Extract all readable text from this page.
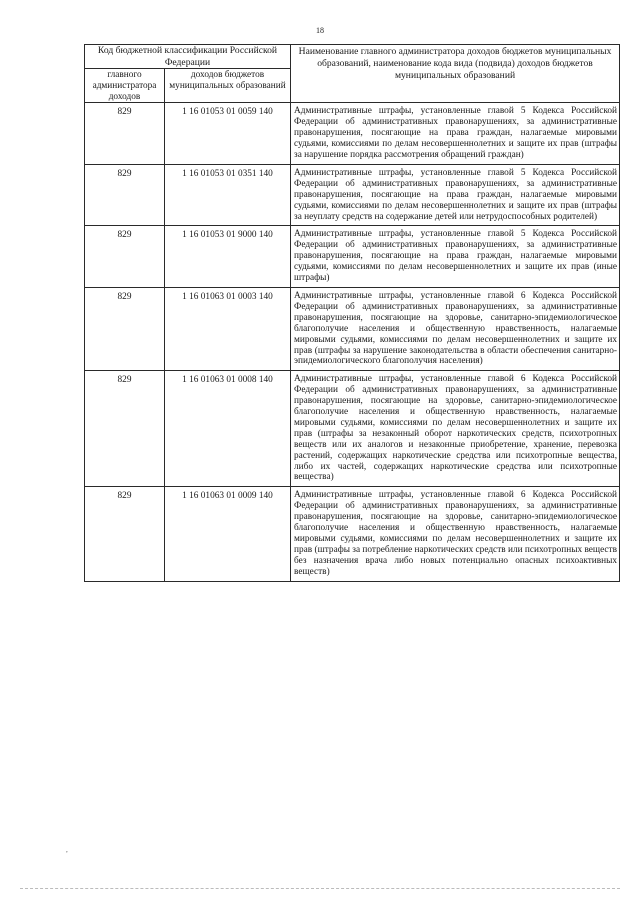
18
Код бюджетной классификации Российской Федерации		Наименование главного администратора доходов бюджетов муниципальных образований, наименование кода вида (подвида) доходов бюджетов муниципальных образований
главного администратора доходов	доходов бюджетов муниципальных образований	
829	1 16 01053 01 0059 140	Административные штрафы, установленные главой 5 Кодекса Российской Федерации об административных правонарушениях, за административные правонарушения, посягающие на права граждан, налагаемые мировыми судьями, комиссиями по делам несовершеннолетних и защите их прав (штрафы за нарушение порядка рассмотрения обращений граждан)
829	1 16 01053 01 0351 140	Административные штрафы, установленные главой 5 Кодекса Российской Федерации об административных правонарушениях, за административные правонарушения, посягающие на права граждан, налагаемые мировыми судьями, комиссиями по делам несовершеннолетних и защите их прав (штрафы за неуплату средств на содержание детей или нетрудоспособных родителей)
829	1 16 01053 01 9000 140	Административные штрафы, установленные главой 5 Кодекса Российской Федерации об административных правонарушениях, за административные правонарушения, посягающие на права граждан, налагаемые мировыми судьями, комиссиями по делам несовершеннолетних и защите их прав (иные штрафы)
829	1 16 01063 01 0003 140	Административные штрафы, установленные главой 6 Кодекса Российской Федерации об административных правонарушениях, за административные правонарушения, посягающие на здоровье, санитарно-эпидемиологическое благополучие населения и общественную нравственность, налагаемые мировыми судьями, комиссиями по делам несовершеннолетних и защите их прав (штрафы за нарушение законодательства в области обеспечения санитарно-эпидемиологического благополучия населения)
829	1 16 01063 01 0008 140	Административные штрафы, установленные главой 6 Кодекса Российской Федерации об административных правонарушениях, за административные правонарушения, посягающие на здоровье, санитарно-эпидемиологическое благополучие населения и общественную нравственность, налагаемые мировыми судьями, комиссиями по делам несовершеннолетних и защите их прав (штрафы за незаконный оборот наркотических средств, психотропных веществ или их аналогов и незаконные приобретение, хранение, перевозка растений, содержащих наркотические средства или психотропные вещества, либо их частей, содержащих наркотические средства или психотропные вещества)
829	1 16 01063 01 0009 140	Административные штрафы, установленные главой 6 Кодекса Российской Федерации об административных правонарушениях, за административные правонарушения, посягающие на здоровье, санитарно-эпидемиологическое благополучие населения и общественную нравственность, налагаемые мировыми судьями, комиссиями по делам несовершеннолетних и защите их прав (штрафы за потребление наркотических средств или психотропных веществ без назначения врача либо новых потенциально опасных психоактивных веществ)
,
